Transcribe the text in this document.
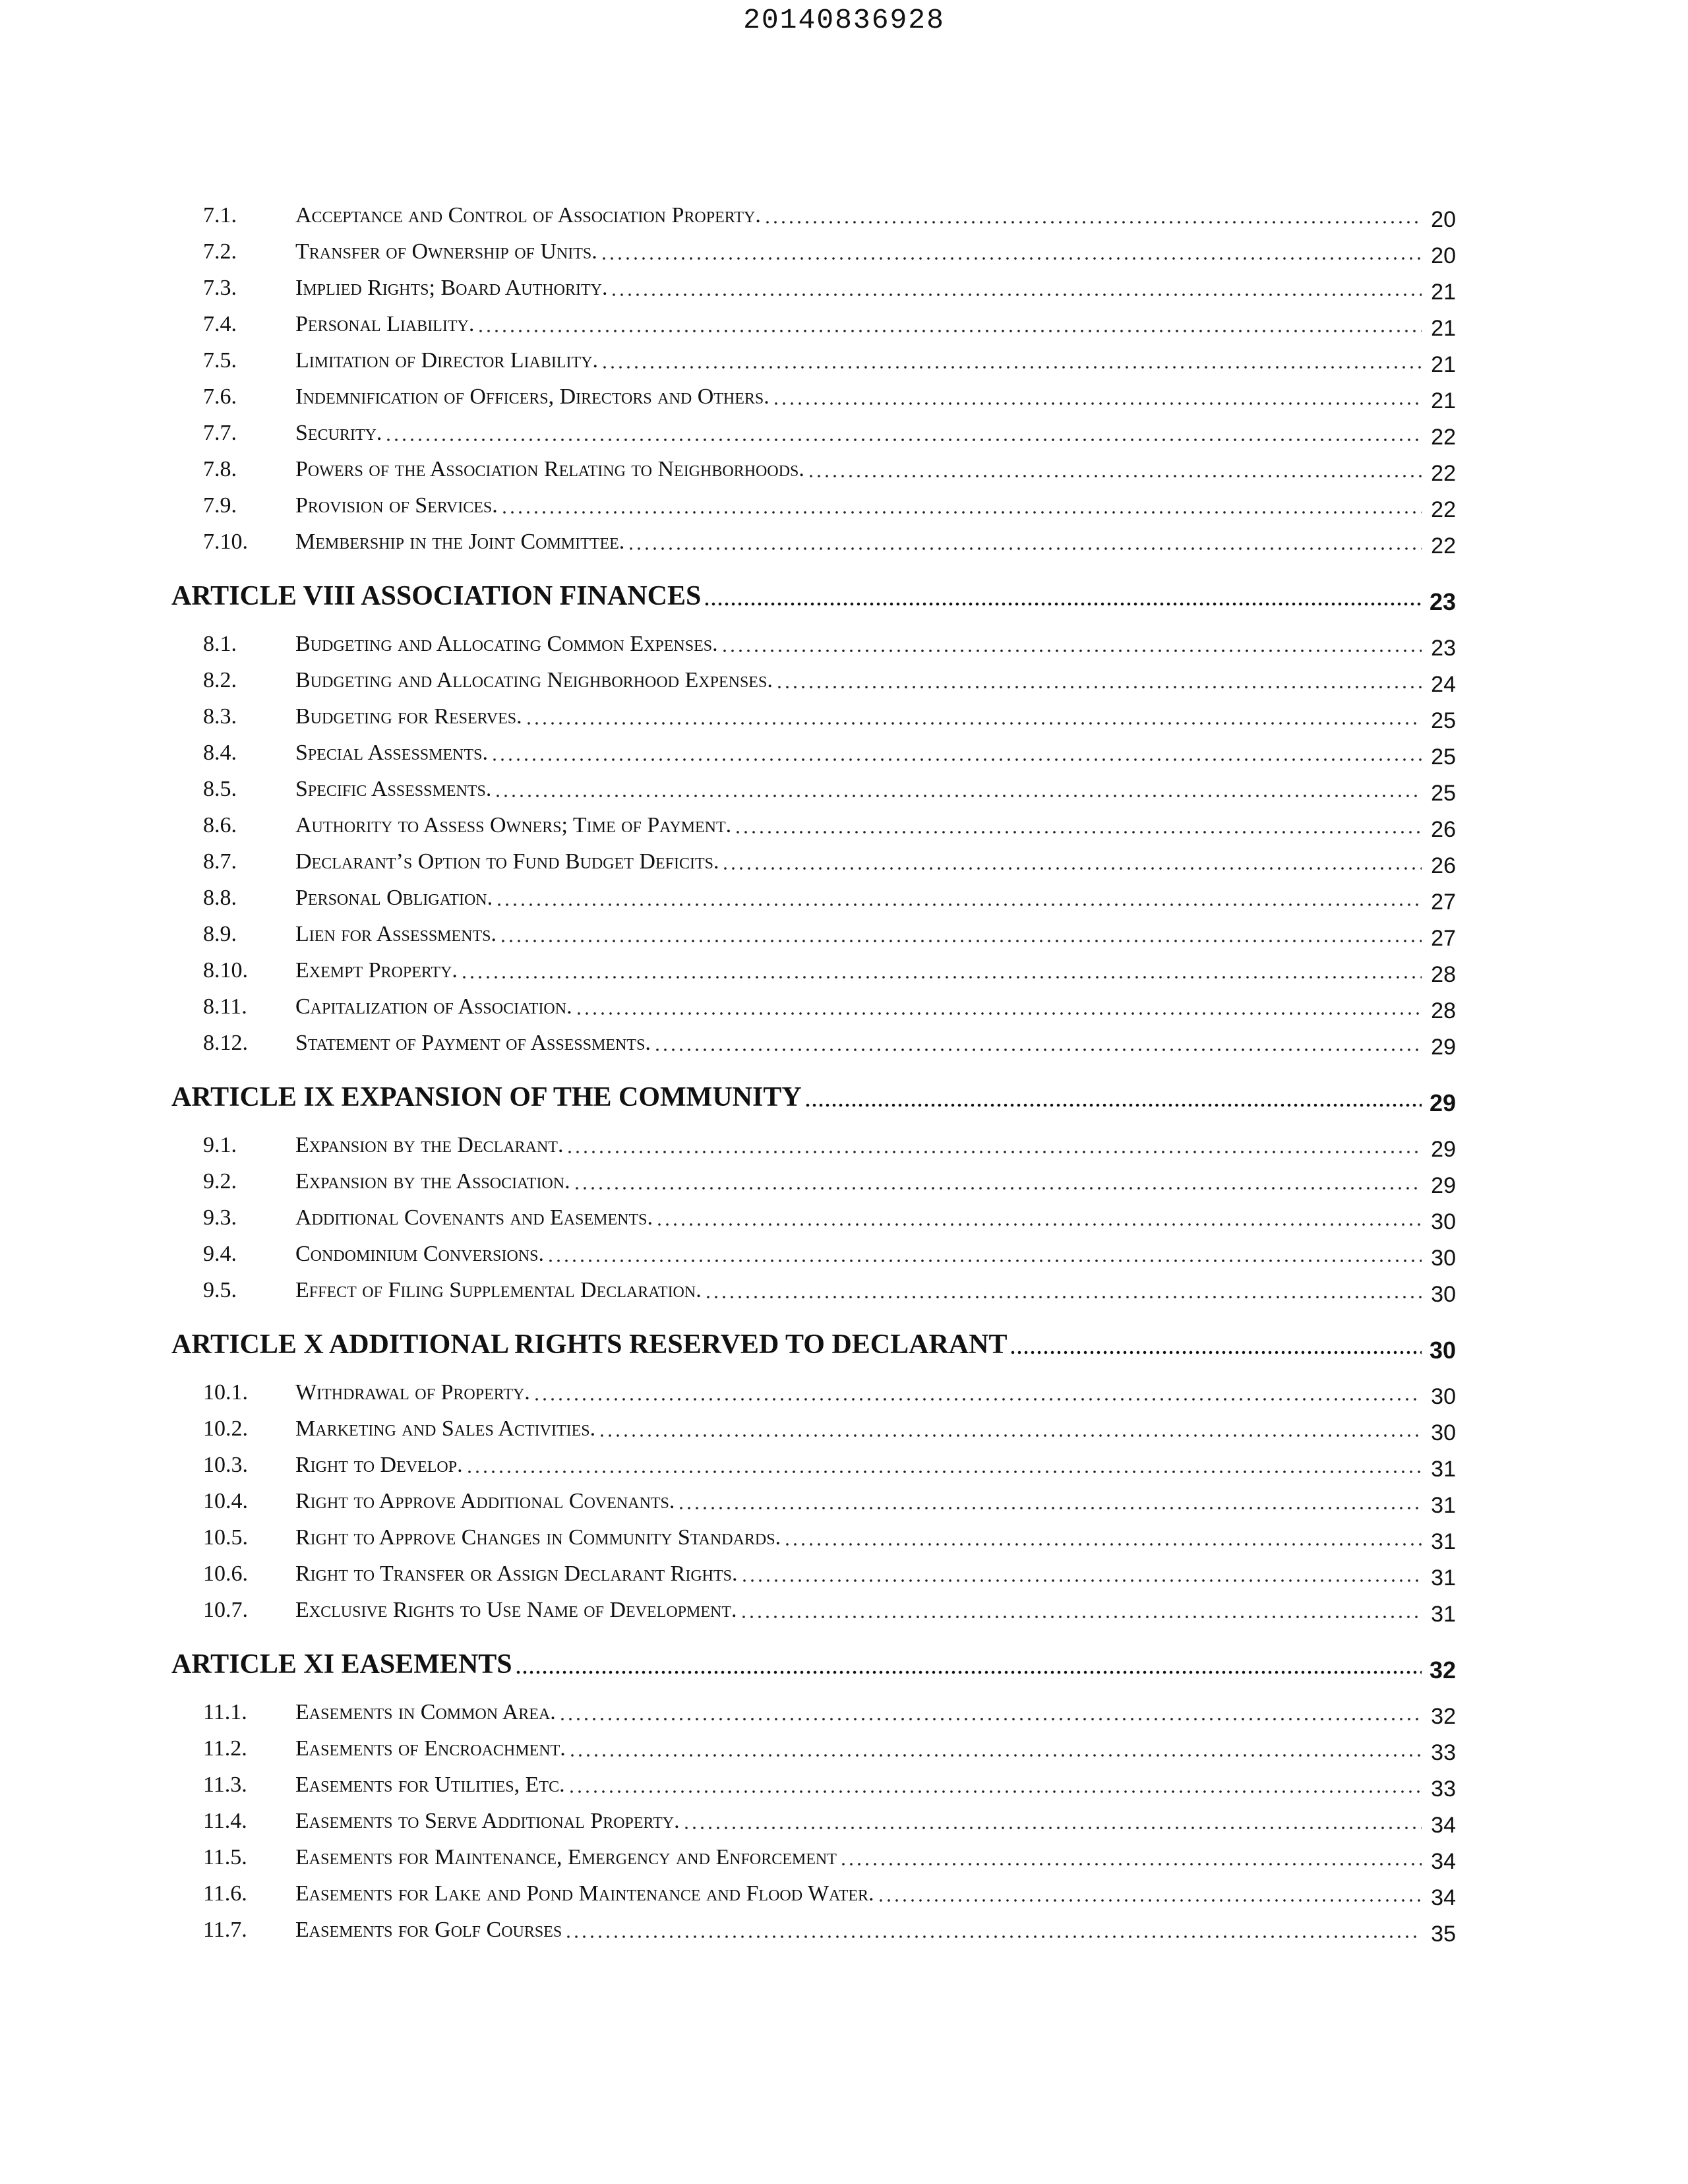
20140836928
7.1.	Acceptance and Control of Association Property.	20
7.2.	Transfer of Ownership of Units.	20
7.3.	Implied Rights; Board Authority.	21
7.4.	Personal Liability.	21
7.5.	Limitation of Director Liability.	21
7.6.	Indemnification of Officers, Directors and Others.	21
7.7.	Security.	22
7.8.	Powers of the Association Relating to Neighborhoods.	22
7.9.	Provision of Services.	22
7.10. Membership in the Joint Committee.	22
ARTICLE VIII ASSOCIATION FINANCES	23
8.1.	Budgeting and Allocating Common Expenses.	23
8.2.	Budgeting and Allocating Neighborhood Expenses.	24
8.3.	Budgeting for Reserves.	25
8.4.	Special Assessments.	25
8.5.	Specific Assessments.	25
8.6.	Authority to Assess Owners; Time of Payment.	26
8.7.	Declarant’s Option to Fund Budget Deficits.	26
8.8.	Personal Obligation.	27
8.9.	Lien for Assessments.	27
8.10. Exempt Property.	28
8.11. Capitalization of Association.	28
8.12. Statement of Payment of Assessments.	29
ARTICLE IX EXPANSION OF THE COMMUNITY	29
9.1.	Expansion by the Declarant.	29
9.2.	Expansion by the Association.	29
9.3.	Additional Covenants and Easements.	30
9.4.	Condominium Conversions.	30
9.5.	Effect of Filing Supplemental Declaration.	30
ARTICLE X ADDITIONAL RIGHTS RESERVED TO DECLARANT	30
10.1. Withdrawal of Property.	30
10.2. Marketing and Sales Activities.	30
10.3. Right to Develop.	31
10.4. Right to Approve Additional Covenants.	31
10.5. Right to Approve Changes in Community Standards.	31
10.6. Right to Transfer or Assign Declarant Rights.	31
10.7. Exclusive Rights to Use Name of Development.	31
ARTICLE XI EASEMENTS	32
11.1. Easements in Common Area.	32
11.2. Easements of Encroachment.	33
11.3. Easements for Utilities, Etc.	33
11.4. Easements to Serve Additional Property.	34
11.5. Easements for Maintenance, Emergency and Enforcement	34
11.6. Easements for Lake and Pond Maintenance and Flood Water.	34
11.7. Easements for Golf Courses	35
